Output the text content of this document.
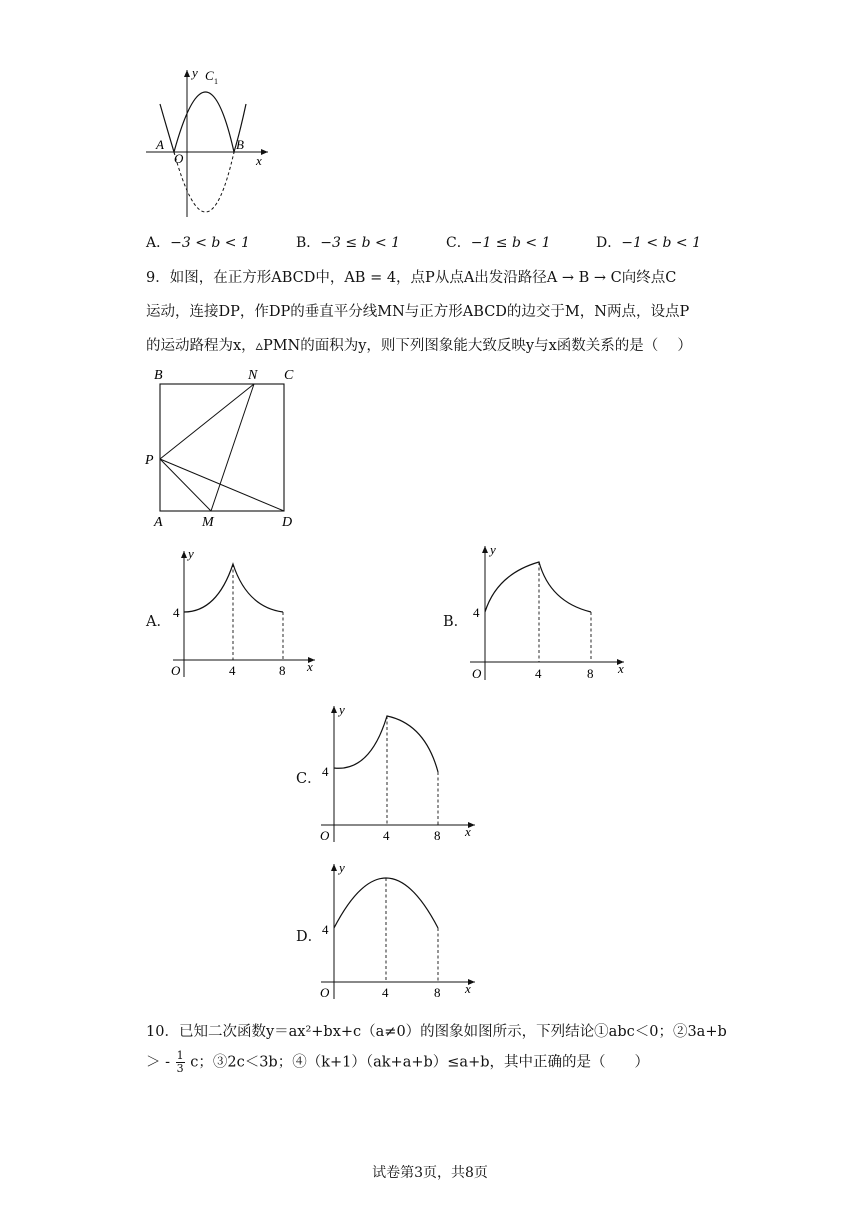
y C 1
x
A
O
B
A．−3 < b < 1	B．−3 ≤ b < 1	C．−1 ≤ b < 1	D．−1 < b < 1
9．如图，在正方形ABCD中，AB = 4，点P从点A出发沿路径A → B → C向终点C
运动，连接DP，作DP的垂直平分线MN与正方形ABCD的边交于M，N两点，设点P
的运动路程为x，▵PMN的面积为y，则下列图象能大致反映y与x函数关系的是（　 ）
B	N C
P
A	M	D
A．
y
4
O	4	8 x
B．
y
4
O	4	8 x
C．
y
4
O	4	8 x
D．
y
4
O	4	8 x
10．已知二次函数y＝ax²+bx+c（a≠0）的图象如图所示，下列结论①abc＜0；②3a+b
＞ - $\frac{1}{3}$ c；③2c＜3b；④（k+1）（ak+a+b）≤a+b，其中正确的是（　　）
试卷第3页，共8页
